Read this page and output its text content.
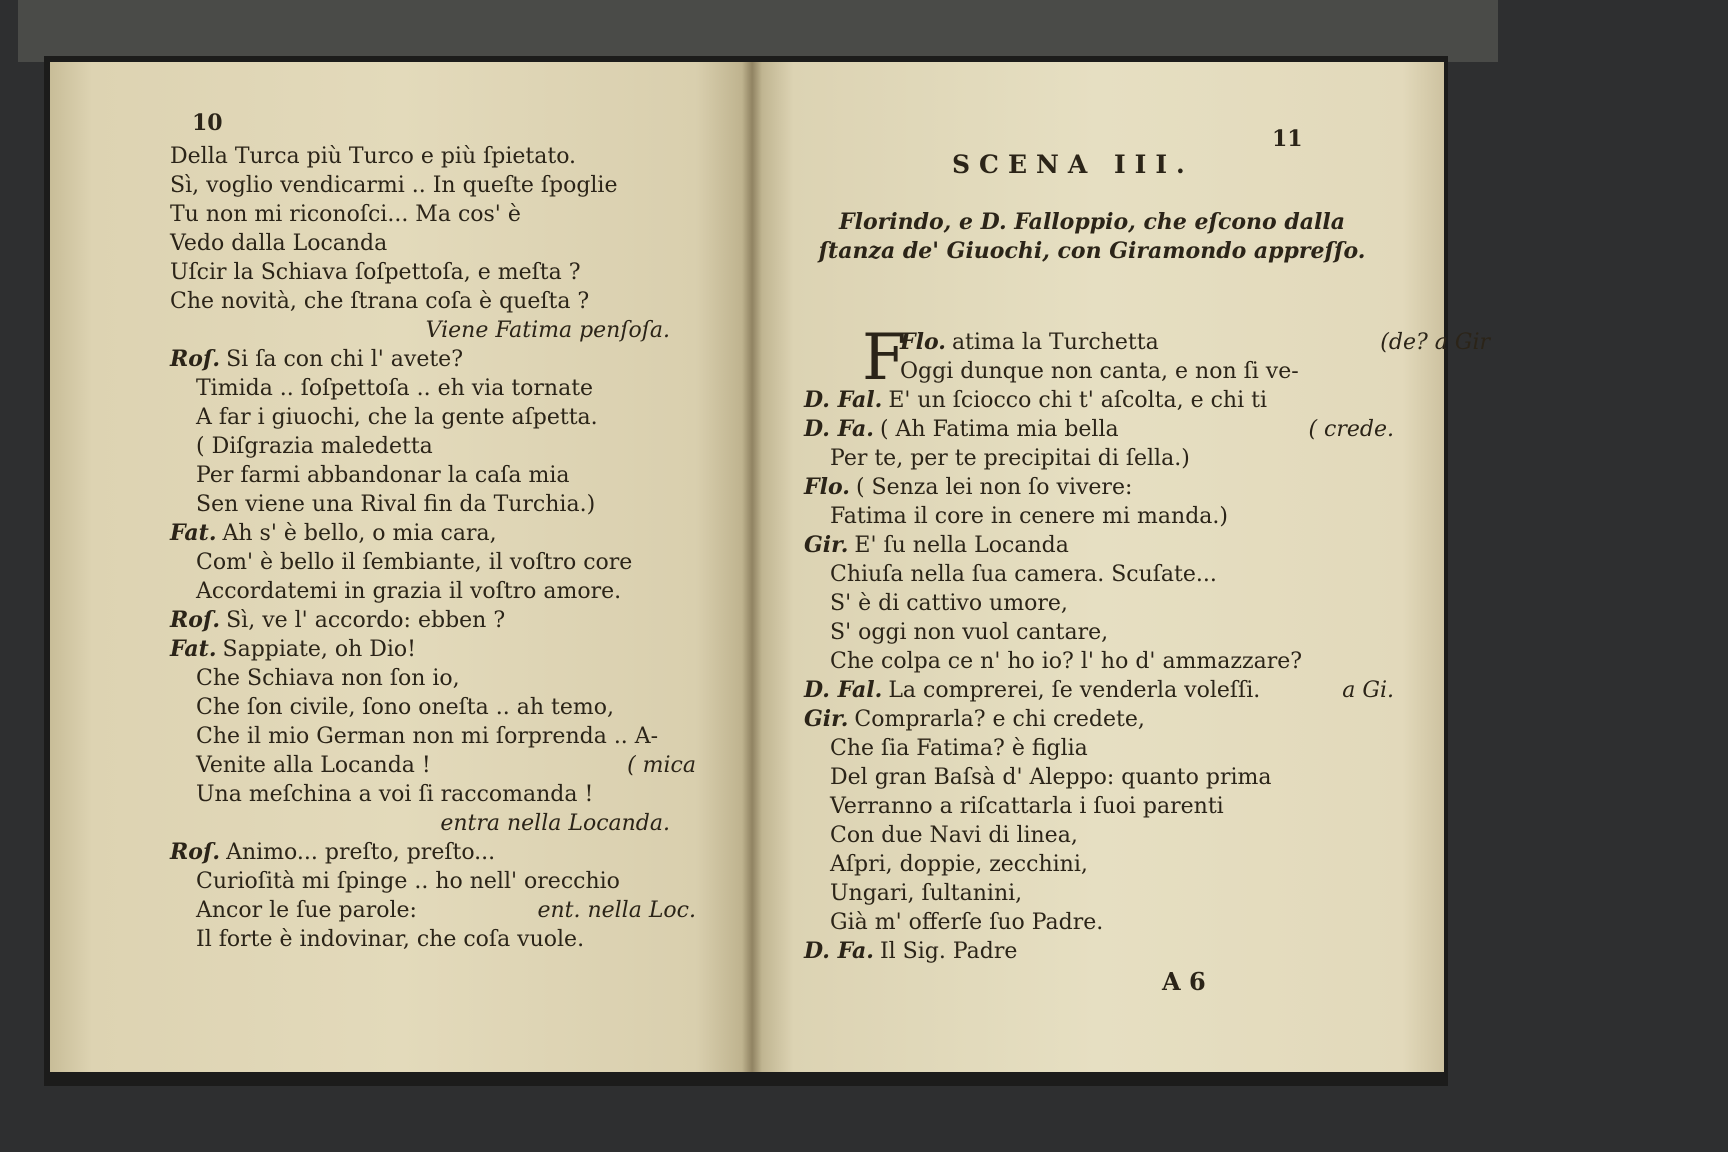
10
Della Turca più Turco e più ſpietato.
Sì, voglio vendicarmi .. In queſte ſpoglie
Tu non mi riconoſci... Ma cos' è
Vedo dalla Locanda
Uſcir la Schiava ſoſpettoſa, e meſta ?
Che novità, che ſtrana coſa è queſta ?
Viene Fatima penſoſa.
Roſ. Si ſa con chi l' avete?
Timida .. ſoſpettoſa .. eh via tornate
A far i giuochi, che la gente aſpetta.
( Diſgrazia maledetta
Per farmi abbandonar la caſa mia
Sen viene una Rival fin da Turchia.)
Fat. Ah s' è bello, o mia cara,
Com' è bello il ſembiante, il voſtro core
Accordatemi in grazia il voſtro amore.
Roſ. Sì, ve l' accordo: ebben ?
Fat. Sappiate, oh Dio!
Che Schiava non ſon io,
Che ſon civile, ſono oneſta .. ah temo,
Che il mio German non mi ſorprenda .. A-
Venite alla Locanda !	( mica
Una meſchina a voi ſi raccomanda !
entra nella Locanda.
Roſ. Animo... preſto, preſto...
Curioſità mi ſpinge .. ho nell' orecchio
Ancor le ſue parole:	ent. nella Loc.
Il forte è indovinar, che coſa vuole.
11
SCENA III.
Florindo, e D. Falloppio, che eſcono dalla ſtanza de' Giuochi, con Giramondo appreſſo.
Flo. atima la Turchetta	(de? a Gir
Oggi dunque non canta, e non ſi ve-
D. Fal. E' un ſciocco chi t' aſcolta, e chi ti
D. Fa. ( Ah Fatima mia bella	( crede.
Per te, per te precipitai di ſella.)
Flo. ( Senza lei non ſo vivere:
Fatima il core in cenere mi manda.)
Gir. E' ſu nella Locanda
Chiuſa nella ſua camera. Scuſate...
S' è di cattivo umore,
S' oggi non vuol cantare,
Che colpa ce n' ho io? l' ho d' ammazzare?
D. Fal. La comprerei, ſe venderla voleſſi.	a Gi.
Gir. Comprarla? e chi credete,
Che ſia Fatima? è figlia
Del gran Baſsà d' Aleppo: quanto prima
Verranno a riſcattarla i ſuoi parenti
Con due Navi di linea,
Aſpri, doppie, zecchini,
Ungari, ſultanini,
Già m' offerſe ſuo Padre.
D. Fa. Il Sig. Padre
F
A 6
